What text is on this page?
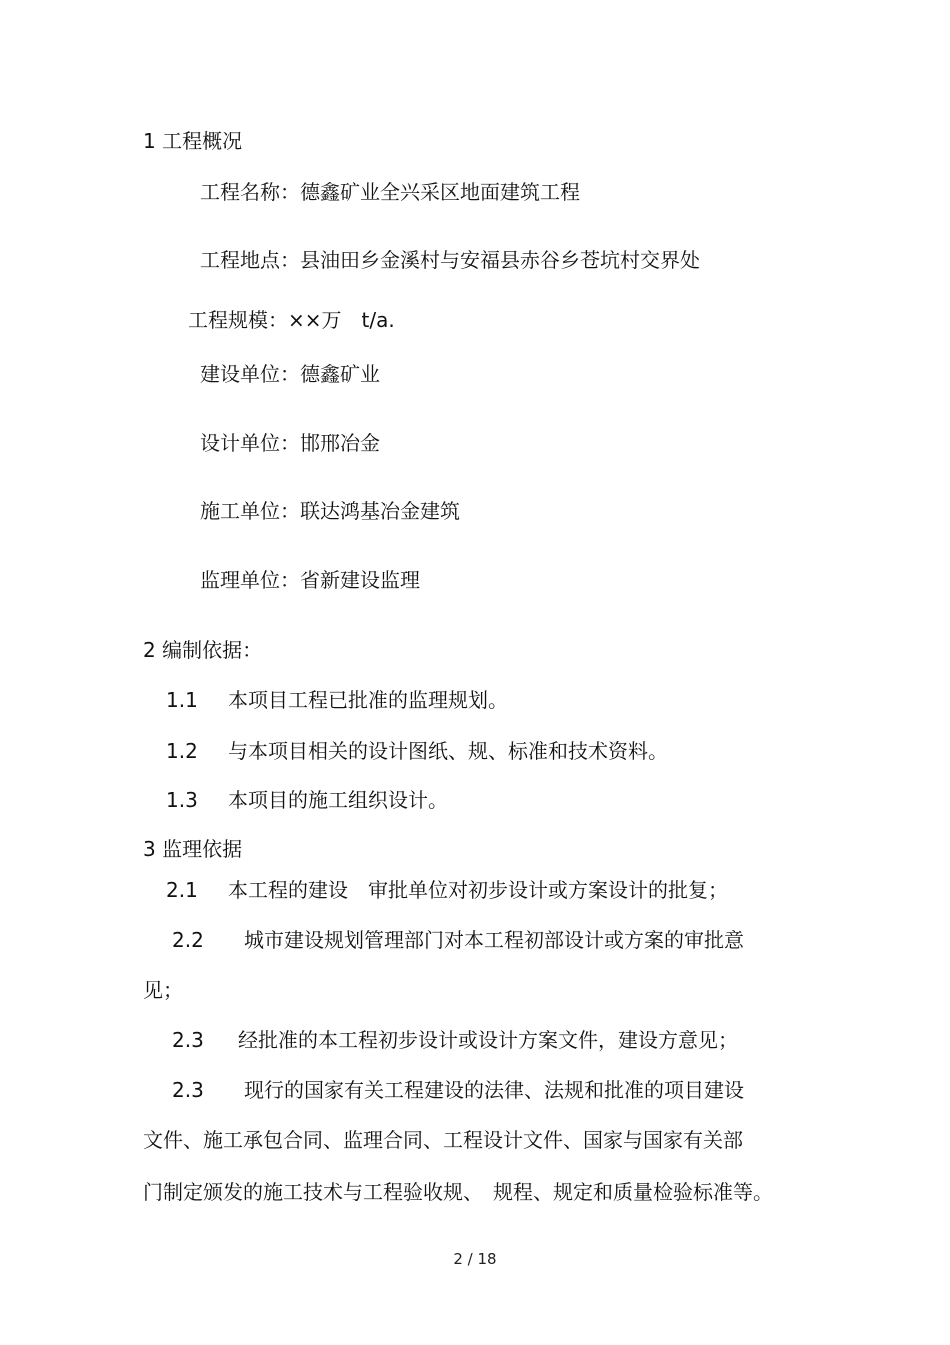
1 工程概况
工程名称：德鑫矿业全兴采区地面建筑工程
工程地点：县油田乡金溪村与安福县赤谷乡苍坑村交界处
工程规模：××万　t/a.
建设单位：德鑫矿业
设计单位：邯邢冶金
施工单位：联达鸿基冶金建筑
监理单位：省新建设监理
2 编制依据：
1.1 本项目工程已批准的监理规划。
1.2 与本项目相关的设计图纸、规、标准和技术资料。
1.3 本项目的施工组织设计。
3 监理依据
2.1 本工程的建设　审批单位对初步设计或方案设计的批复；
2.2 城市建设规划管理部门对本工程初部设计或方案的审批意
见；
2.3 经批准的本工程初步设计或设计方案文件，建设方意见；
2.3 现行的国家有关工程建设的法律、法规和批准的项目建设
文件、施工承包合同、监理合同、工程设计文件、国家与国家有关部
门制定颁发的施工技术与工程验收规、　规程、规定和质量检验标准等。
2 / 18
